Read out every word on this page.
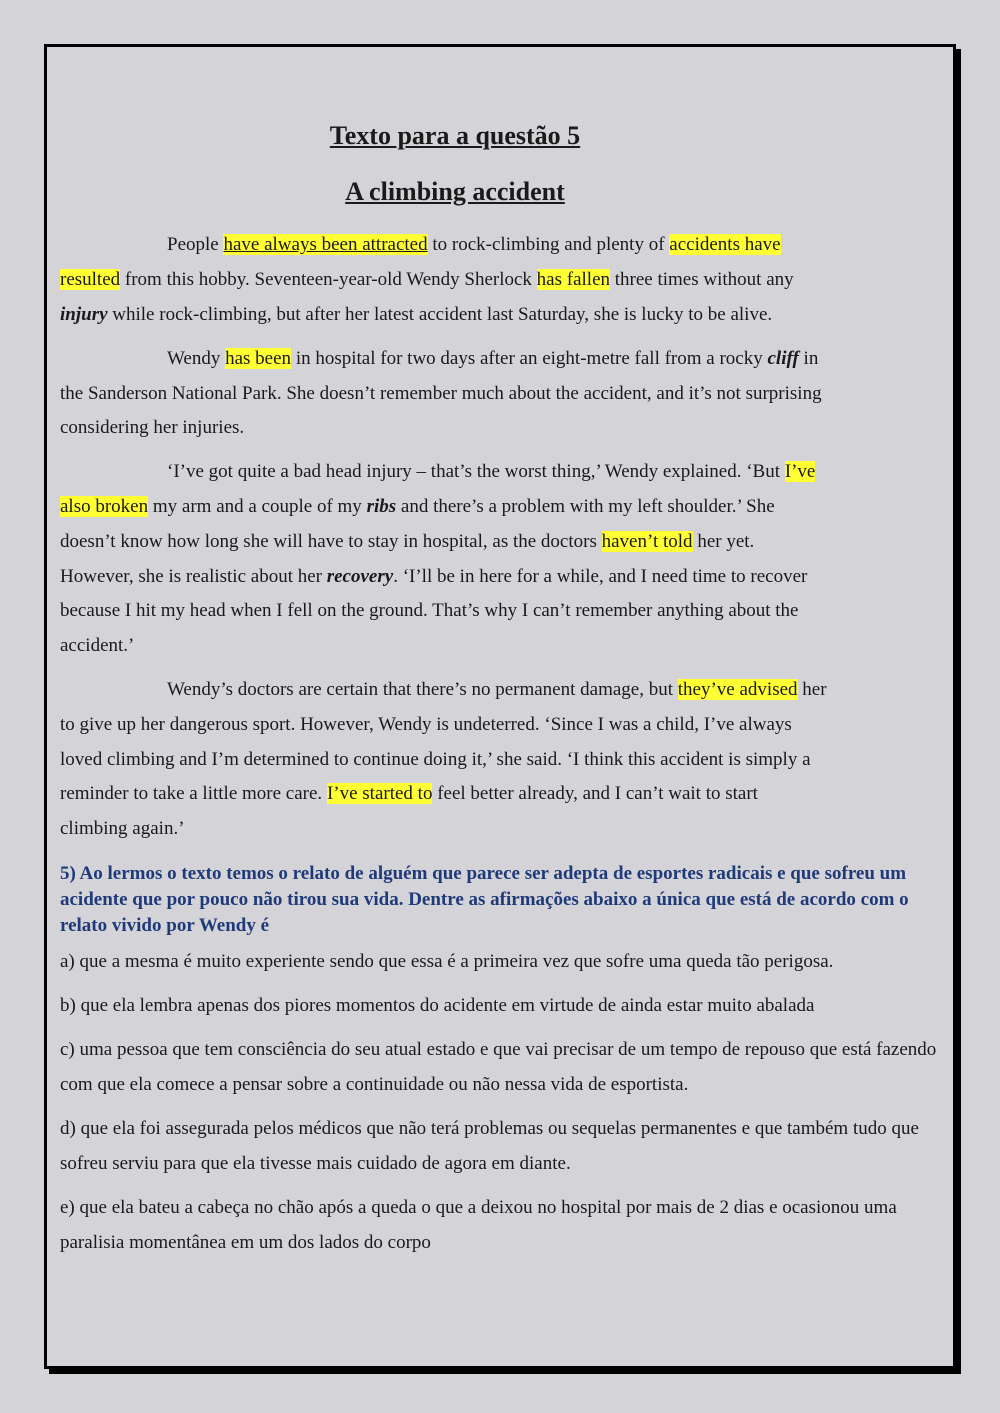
Texto para a questão 5
A climbing accident
People have always been attracted to rock-climbing and plenty of accidents have
resulted from this hobby. Seventeen-year-old Wendy Sherlock has fallen three times without any
injury while rock-climbing, but after her latest accident last Saturday, she is lucky to be alive.
Wendy has been in hospital for two days after an eight-metre fall from a rocky cliff in
the Sanderson National Park. She doesn’t remember much about the accident, and it’s not surprising
considering her injuries.
‘I’ve got quite a bad head injury – that’s the worst thing,’ Wendy explained. ‘But I’ve
also broken my arm and a couple of my ribs and there’s a problem with my left shoulder.’ She
doesn’t know how long she will have to stay in hospital, as the doctors haven’t told her yet.
However, she is realistic about her recovery. ‘I’ll be in here for a while, and I need time to recover
because I hit my head when I fell on the ground. That’s why I can’t remember anything about the
accident.’
Wendy’s doctors are certain that there’s no permanent damage, but they’ve advised her
to give up her dangerous sport. However, Wendy is undeterred. ‘Since I was a child, I’ve always
loved climbing and I’m determined to continue doing it,’ she said. ‘I think this accident is simply a
reminder to take a little more care. I’ve started to feel better already, and I can’t wait to start
climbing again.’
5) Ao lermos o texto temos o relato de alguém que parece ser adepta de esportes radicais e que sofreu um acidente que por pouco não tirou sua vida. Dentre as afirmações abaixo a única que está de acordo com o relato vivido por Wendy é
a) que a mesma é muito experiente sendo que essa é a primeira vez que sofre uma queda tão perigosa.
b) que ela lembra apenas dos piores momentos do acidente em virtude de ainda estar muito abalada
c) uma pessoa que tem consciência do seu atual estado e que vai precisar de um tempo de repouso que está fazendo com que ela comece a pensar sobre a continuidade ou não nessa vida de esportista.
d) que ela foi assegurada pelos médicos que não terá problemas ou sequelas permanentes e que também tudo que sofreu serviu para que ela tivesse mais cuidado de agora em diante.
e) que ela bateu a cabeça no chão após a queda o que a deixou no hospital por mais de 2 dias e ocasionou uma paralisia momentânea em um dos lados do corpo
